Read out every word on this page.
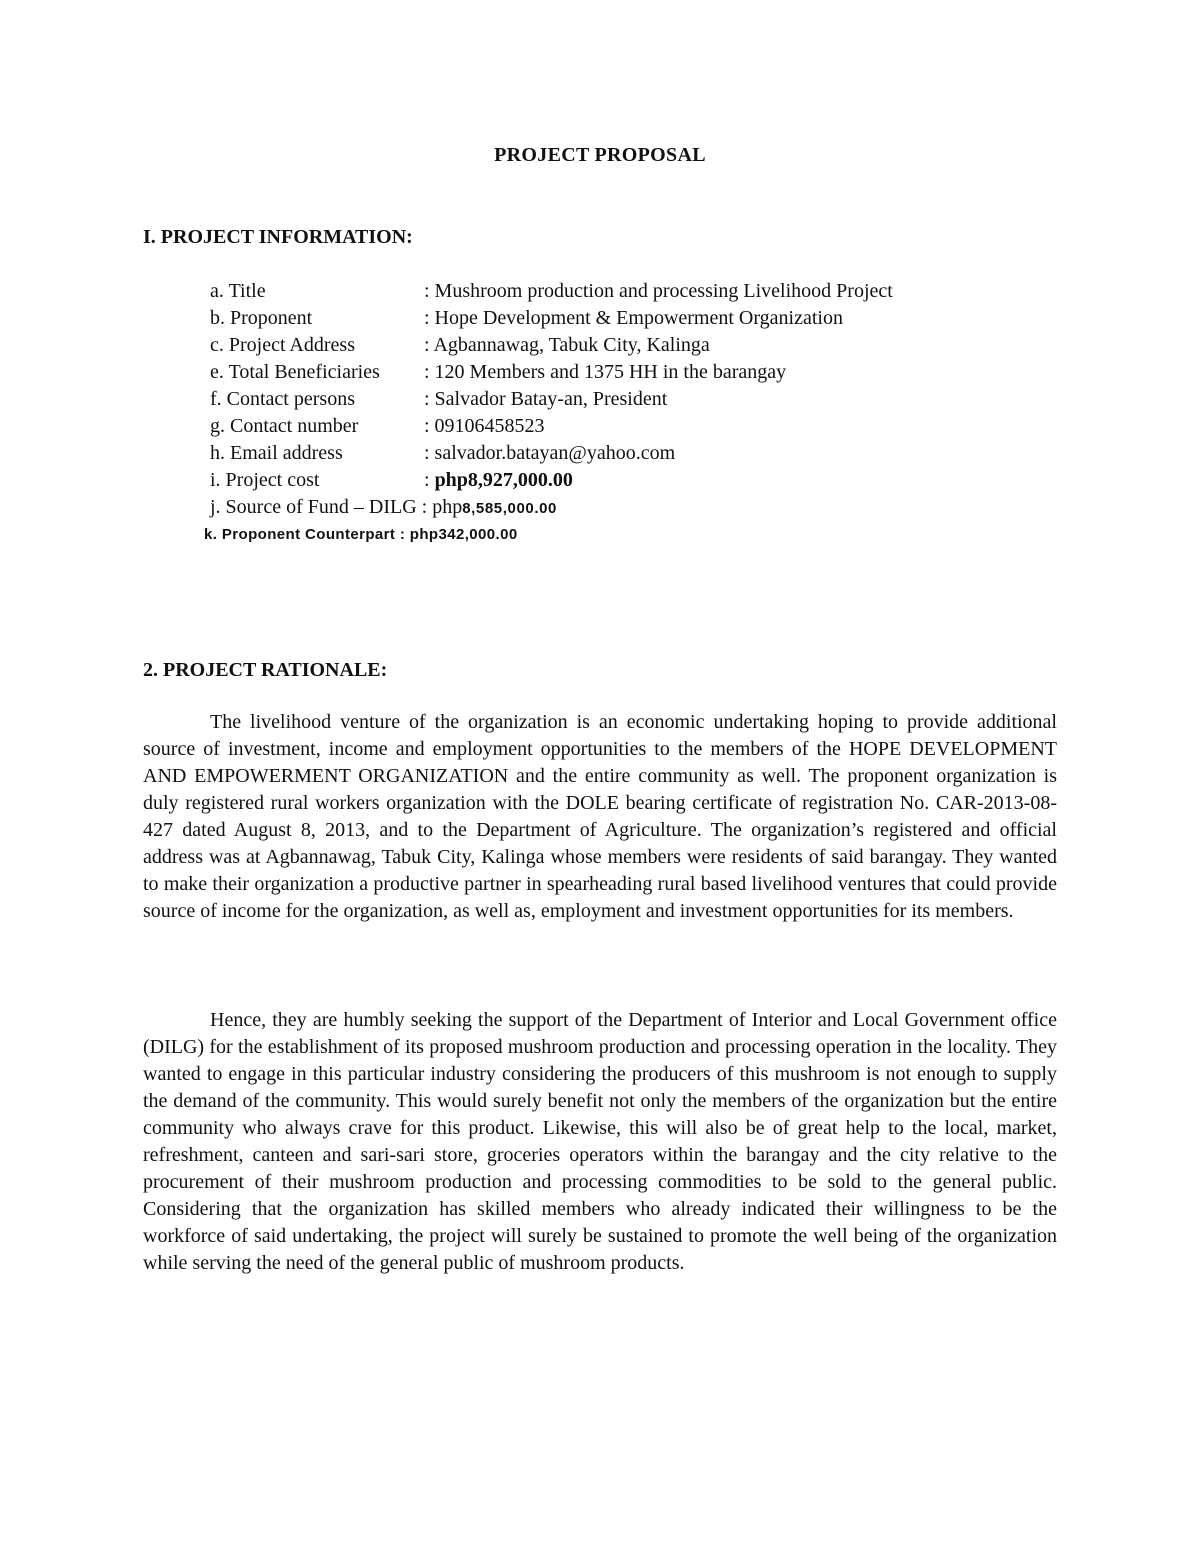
PROJECT PROPOSAL
I. PROJECT INFORMATION:
a. Title	: Mushroom production and processing Livelihood Project
b. Proponent	: Hope Development & Empowerment Organization
c. Project Address	: Agbannawag, Tabuk City, Kalinga
e. Total Beneficiaries : 120 Members and 1375 HH in the barangay
f. Contact persons	: Salvador Batay-an, President
g. Contact number	: 09106458523
h. Email address	: salvador.batayan@yahoo.com
i. Project cost	: php8,927,000.00
j. Source of Fund – DILG : php8,585,000.00
k. Proponent Counterpart : php342,000.00
2. PROJECT RATIONALE:

The livelihood venture of the organization is an economic undertaking hoping to provide additional source of investment, income and employment opportunities to the members of the HOPE DEVELOPMENT AND EMPOWERMENT ORGANIZATION and the entire community as well. The proponent organization is duly registered rural workers organization with the DOLE bearing certificate of registration No. CAR-2013-08-427 dated August 8, 2013, and to the Department of Agriculture. The organization’s registered and official address was at Agbannawag, Tabuk City, Kalinga whose members were residents of said barangay. They wanted to make their organization a productive partner in spearheading rural based livelihood ventures that could provide source of income for the organization, as well as, employment and investment opportunities for its members.

Hence, they are humbly seeking the support of the Department of Interior and Local Government office (DILG) for the establishment of its proposed mushroom production and processing operation in the locality. They wanted to engage in this particular industry considering the producers of this mushroom is not enough to supply the demand of the community. This would surely benefit not only the members of the organization but the entire community who always crave for this product. Likewise, this will also be of great help to the local, market, refreshment, canteen and sari-sari store, groceries operators within the barangay and the city relative to the procurement of their mushroom production and processing commodities to be sold to the general public. Considering that the organization has skilled members who already indicated their willingness to be the workforce of said undertaking, the project will surely be sustained to promote the well being of the organization while serving the need of the general public of mushroom products.
